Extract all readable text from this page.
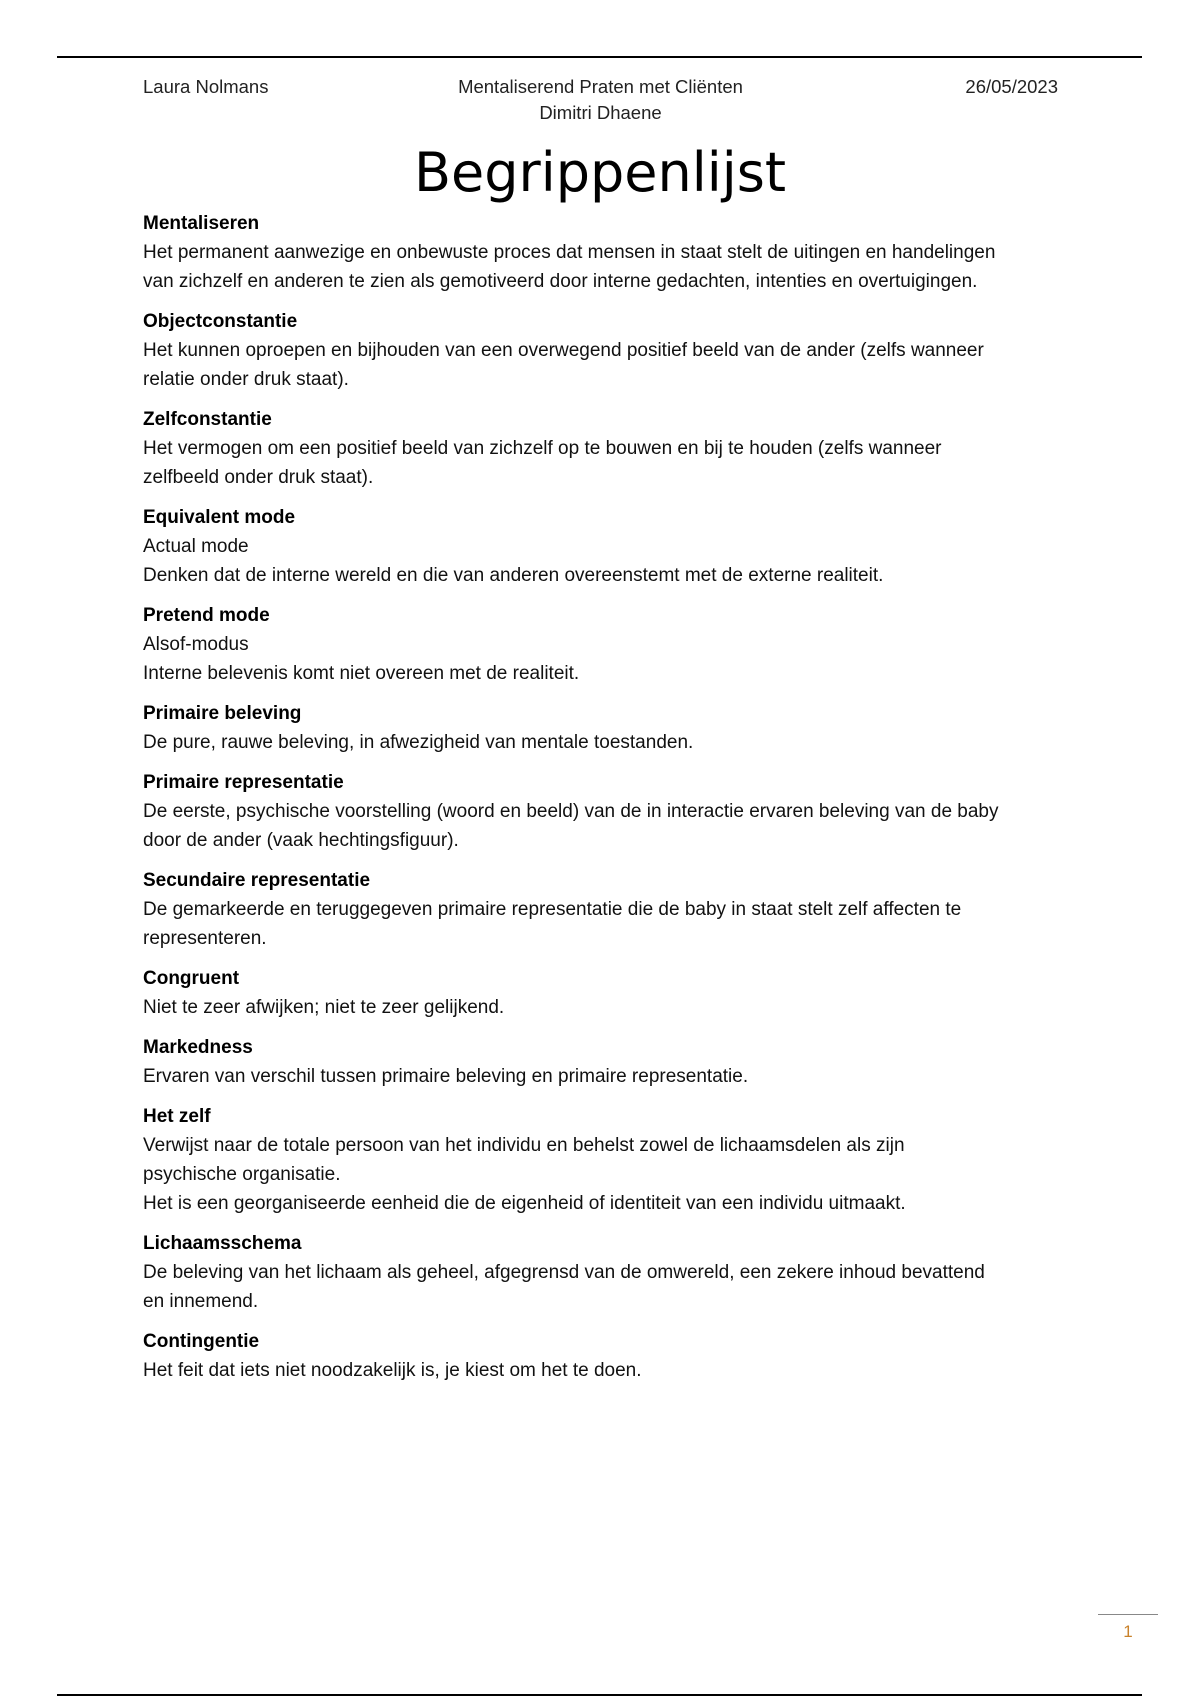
Laura Nolmans	Mentaliserend Praten met Cliënten
Dimitri Dhaene
26/05/2023
Begrippenlijst
Mentaliseren
Het permanent aanwezige en onbewuste proces dat mensen in staat stelt de uitingen en handelingen
van zichzelf en anderen te zien als gemotiveerd door interne gedachten, intenties en overtuigingen.
Objectconstantie
Het kunnen oproepen en bijhouden van een overwegend positief beeld van de ander (zelfs wanneer
relatie onder druk staat).
Zelfconstantie
Het vermogen om een positief beeld van zichzelf op te bouwen en bij te houden (zelfs wanneer
zelfbeeld onder druk staat).
Equivalent mode
Actual mode
Denken dat de interne wereld en die van anderen overeenstemt met de externe realiteit.
Pretend mode
Alsof-modus
Interne belevenis komt niet overeen met de realiteit.
Primaire beleving
De pure, rauwe beleving, in afwezigheid van mentale toestanden.
Primaire representatie
De eerste, psychische voorstelling (woord en beeld) van de in interactie ervaren beleving van de baby
door de ander (vaak hechtingsfiguur).
Secundaire representatie
De gemarkeerde en teruggegeven primaire representatie die de baby in staat stelt zelf affecten te
representeren.
Congruent
Niet te zeer afwijken; niet te zeer gelijkend.
Markedness
Ervaren van verschil tussen primaire beleving en primaire representatie.
Het zelf
Verwijst naar de totale persoon van het individu en behelst zowel de lichaamsdelen als zijn
psychische organisatie.
Het is een georganiseerde eenheid die de eigenheid of identiteit van een individu uitmaakt.
Lichaamsschema
De beleving van het lichaam als geheel, afgegrensd van de omwereld, een zekere inhoud bevattend
en innemend.
Contingentie
Het feit dat iets niet noodzakelijk is, je kiest om het te doen.
1
